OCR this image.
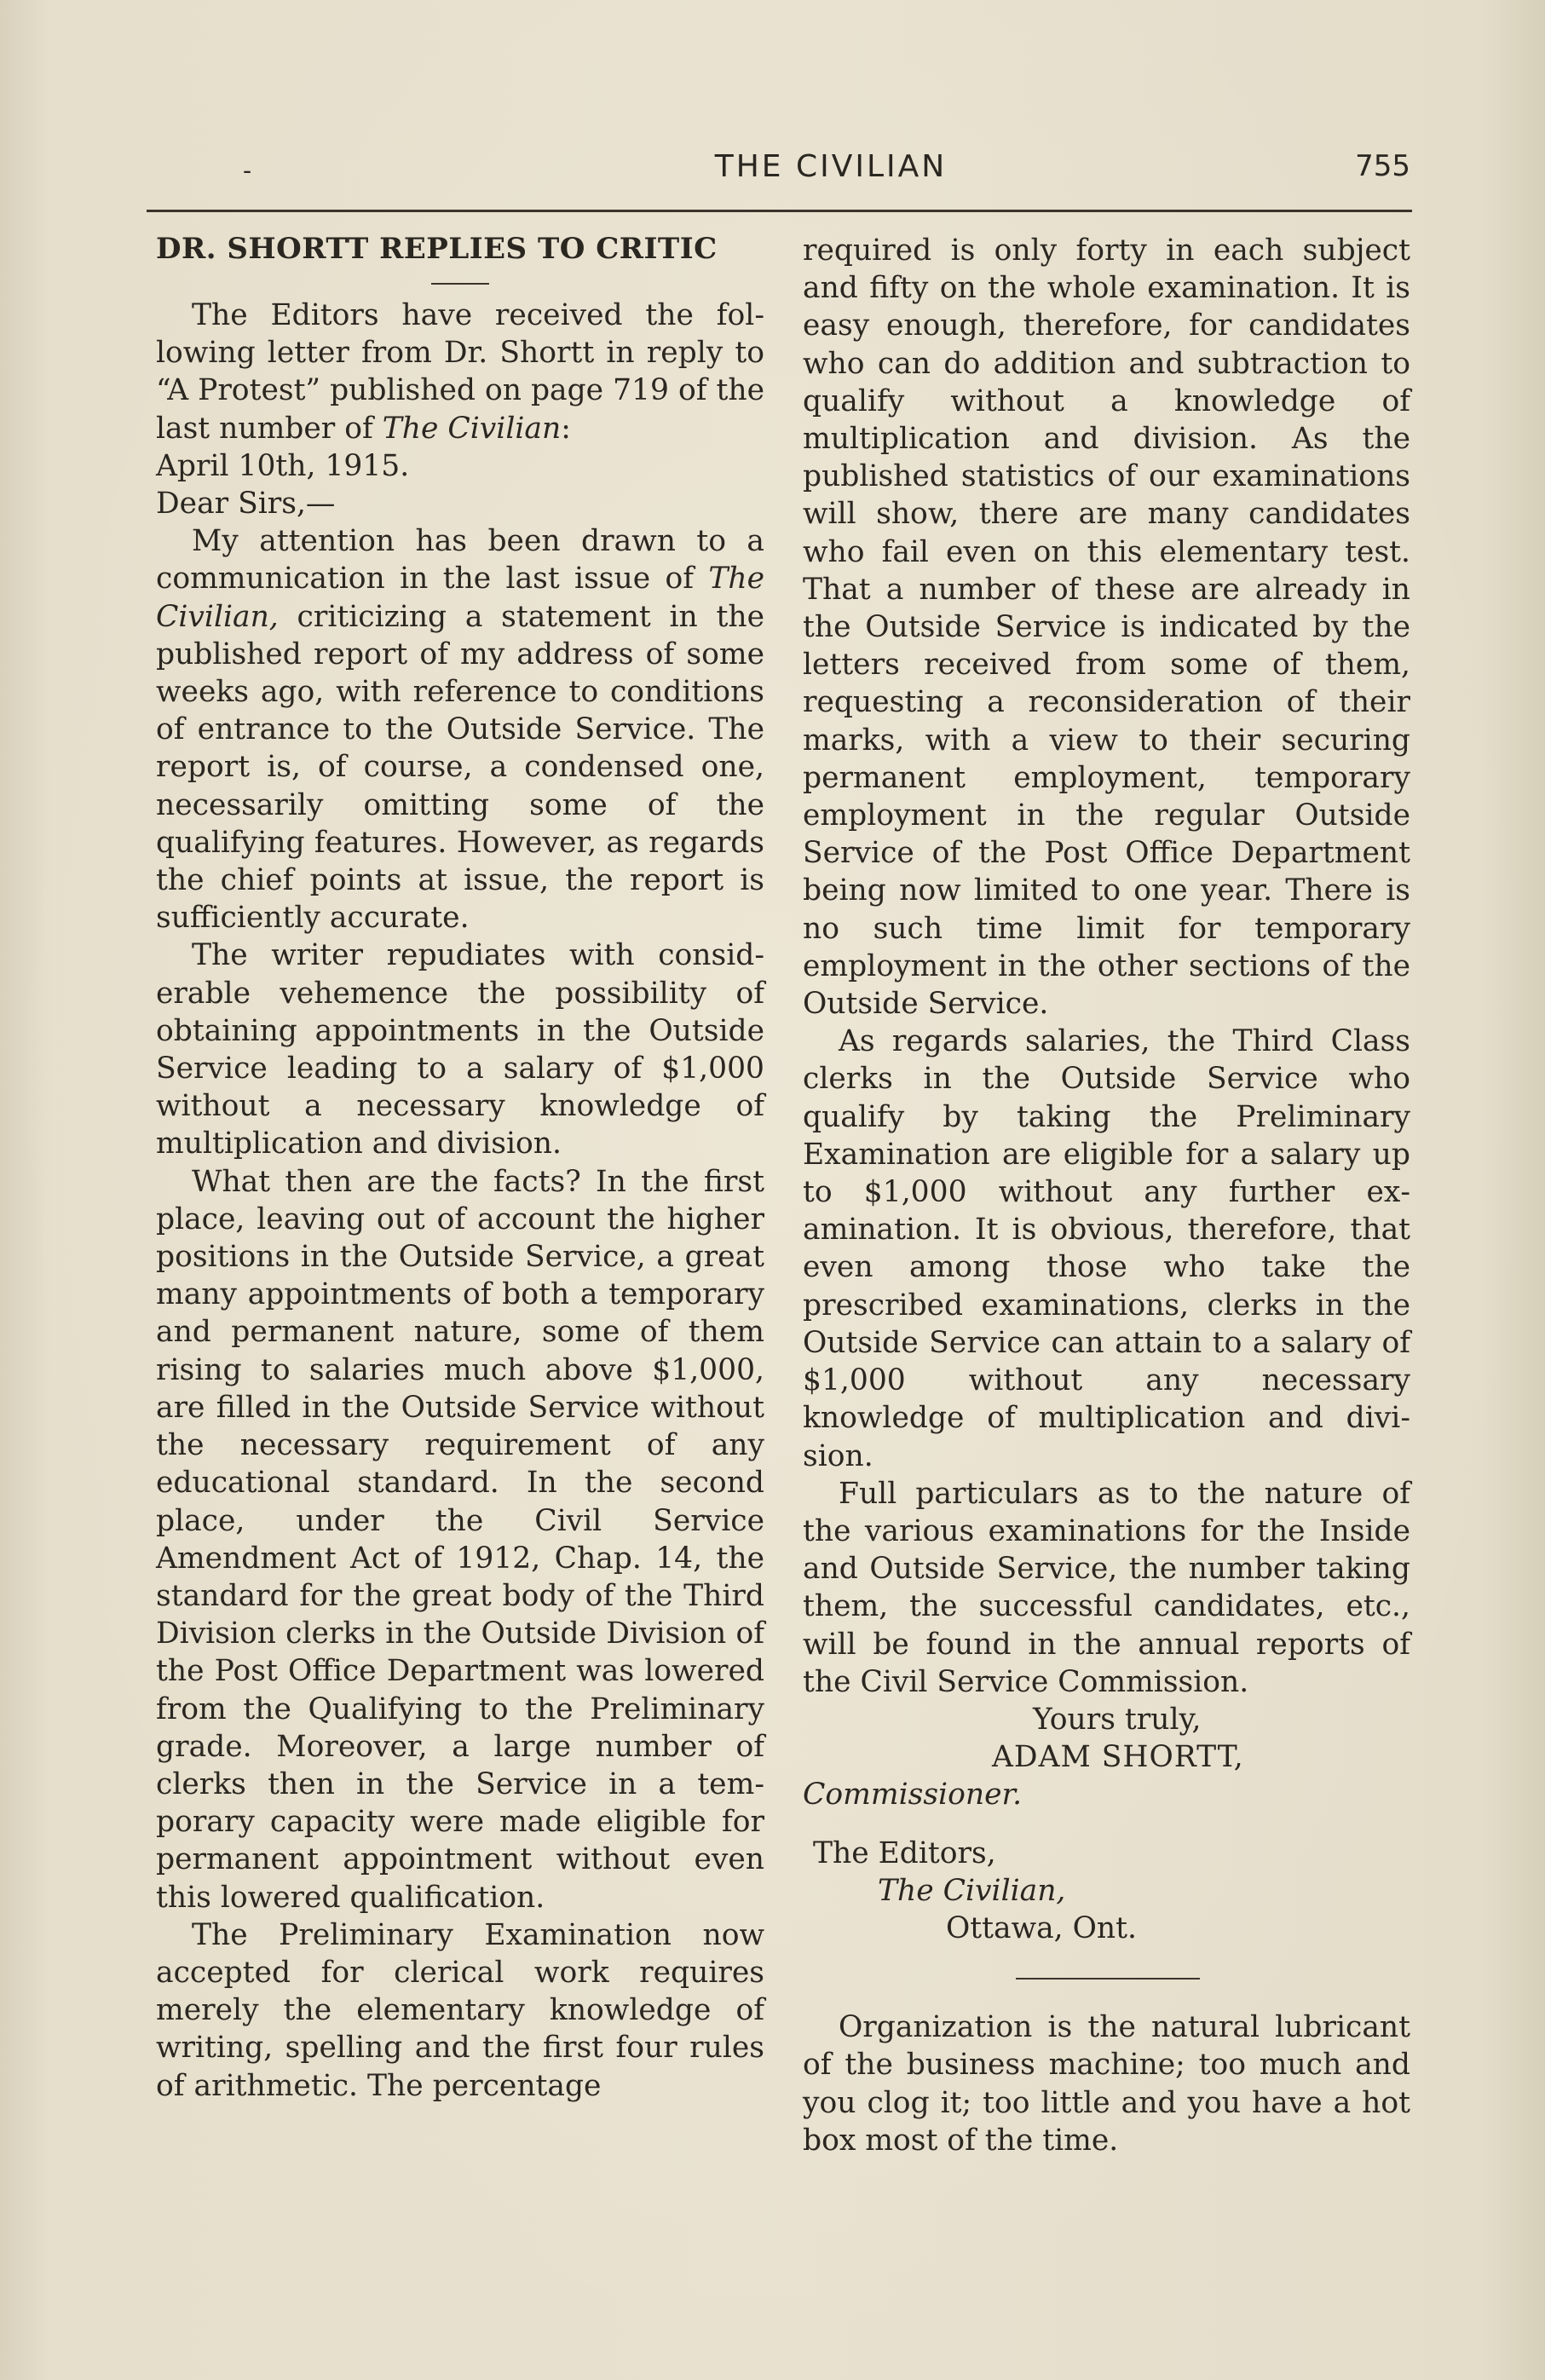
-	THE CIVILIAN	755
DR. SHORTT REPLIES TO CRITIC

The Editors have received the following letter from Dr. Shortt in reply to “A Protest” published on page 719 of the last number of The Civilian:

April 10th, 1915.

Dear Sirs,—

My attention has been drawn to a communication in the last issue of The Civilian, criticizing a statement in the published report of my address of some weeks ago, with reference to conditions of entrance to the Outside Service. The report is, of course, a condensed one, necessarily omitting some of the qualifying features. However, as regards the chief points at issue, the report is sufficiently accurate.

The writer repudiates with considerable vehemence the possibility of obtaining appointments in the Outside Service leading to a salary of $1,000 without a necessary knowledge of multiplication and division.

What then are the facts? In the first place, leaving out of account the higher positions in the Outside Service, a great many appointments of both a temporary and permanent nature, some of them rising to salaries much above $1,000, are filled in the Outside Service without the necessary requirement of any educational standard. In the second place, under the Civil Service Amendment Act of 1912, Chap. 14, the standard for the great body of the Third Division clerks in the Outside Division of the Post Office Department was lowered from the Qualifying to the Preliminary grade. Moreover, a large number of clerks then in the Service in a temporary capacity were made eligible for permanent appointment without even this lowered qualification.

The Preliminary Examination now accepted for clerical work requires merely the elementary knowledge of writing, spelling and the first four rules of arithmetic. The percentage

required is only forty in each subject and fifty on the whole examination. It is easy enough, therefore, for candidates who can do addition and subtraction to qualify without a knowledge of multiplication and division. As the published statistics of our examinations will show, there are many candidates who fail even on this elementary test. That a number of these are already in the Outside Service is indicated by the letters received from some of them, requesting a reconsideration of their marks, with a view to their securing permanent employment, temporary employment in the regular Outside Service of the Post Office Department being now limited to one year. There is no such time limit for temporary employment in the other sections of the Outside Service.

As regards salaries, the Third Class clerks in the Outside Service who qualify by taking the Preliminary Examination are eligible for a salary up to $1,000 without any further examination. It is obvious, therefore, that even among those who take the prescribed examinations, clerks in the Outside Service can attain to a salary of $1,000 without any necessary knowledge of multiplication and division.

Full particulars as to the nature of the various examinations for the Inside and Outside Service, the number taking them, the successful candidates, etc., will be found in the annual reports of the Civil Service Commission.

Yours truly,
ADAM SHORTT,
Commissioner.
The Editors,
The Civilian,
Ottawa, Ont.

Organization is the natural lubricant of the business machine; too much and you clog it; too little and you have a hot box most of the time.
